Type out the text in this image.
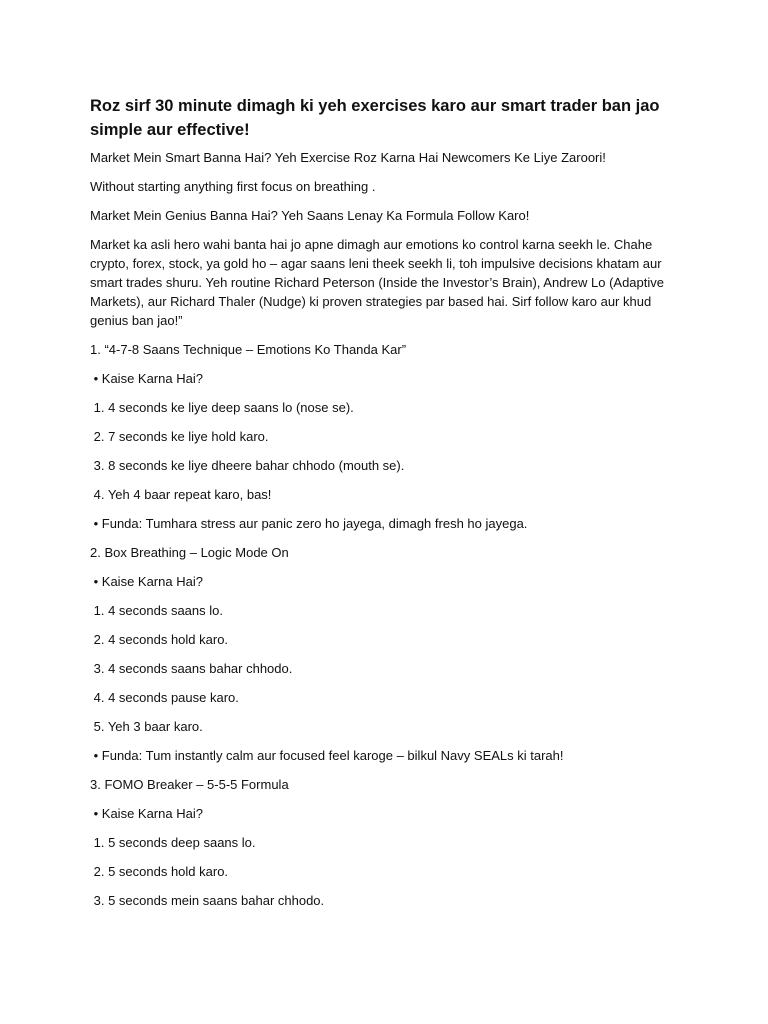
Roz sirf 30 minute dimagh ki yeh exercises karo aur smart trader ban jao simple aur effective!

Market Mein Smart Banna Hai? Yeh Exercise Roz Karna Hai Newcomers Ke Liye Zaroori!

Without starting anything first focus on breathing .

Market Mein Genius Banna Hai? Yeh Saans Lenay Ka Formula Follow Karo!

Market ka asli hero wahi banta hai jo apne dimagh aur emotions ko control karna seekh le. Chahe crypto, forex, stock, ya gold ho – agar saans leni theek seekh li, toh impulsive decisions khatam aur smart trades shuru. Yeh routine Richard Peterson (Inside the Investor’s Brain), Andrew Lo (Adaptive Markets), aur Richard Thaler (Nudge) ki proven strategies par based hai. Sirf follow karo aur khud genius ban jao!”

1. “4-7-8 Saans Technique – Emotions Ko Thanda Kar”
• Kaise Karna Hai?
1. 4 seconds ke liye deep saans lo (nose se).
2. 7 seconds ke liye hold karo.
3. 8 seconds ke liye dheere bahar chhodo (mouth se).
4. Yeh 4 baar repeat karo, bas!
• Funda: Tumhara stress aur panic zero ho jayega, dimagh fresh ho jayega.
2. Box Breathing – Logic Mode On
• Kaise Karna Hai?
1. 4 seconds saans lo.
2. 4 seconds hold karo.
3. 4 seconds saans bahar chhodo.
4. 4 seconds pause karo.
5. Yeh 3 baar karo.
• Funda: Tum instantly calm aur focused feel karoge – bilkul Navy SEALs ki tarah!
3. FOMO Breaker – 5-5-5 Formula
• Kaise Karna Hai?
1. 5 seconds deep saans lo.
2. 5 seconds hold karo.
3. 5 seconds mein saans bahar chhodo.
